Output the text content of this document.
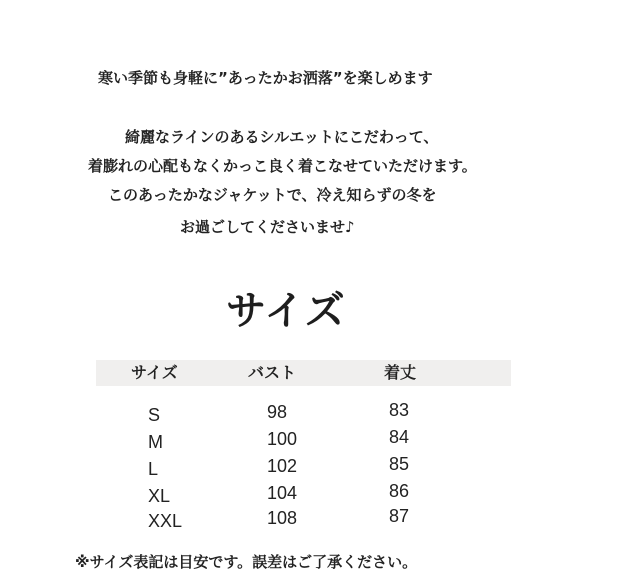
寒い季節も身軽に”あったかお洒落”を楽しめます
綺麗なラインのあるシルエットにこだわって、
着膨れの心配もなくかっこ良く着こなせていただけます。
このあったかなジャケットで、冷え知らずの冬を
お過ごしてくださいませ♪
サイズ
サイズ	バスト	着丈
S	98	83
M	100	84
L	102	85
XL	104	86
XXL	108	87
※サイズ表記は目安です。誤差はご了承ください。
